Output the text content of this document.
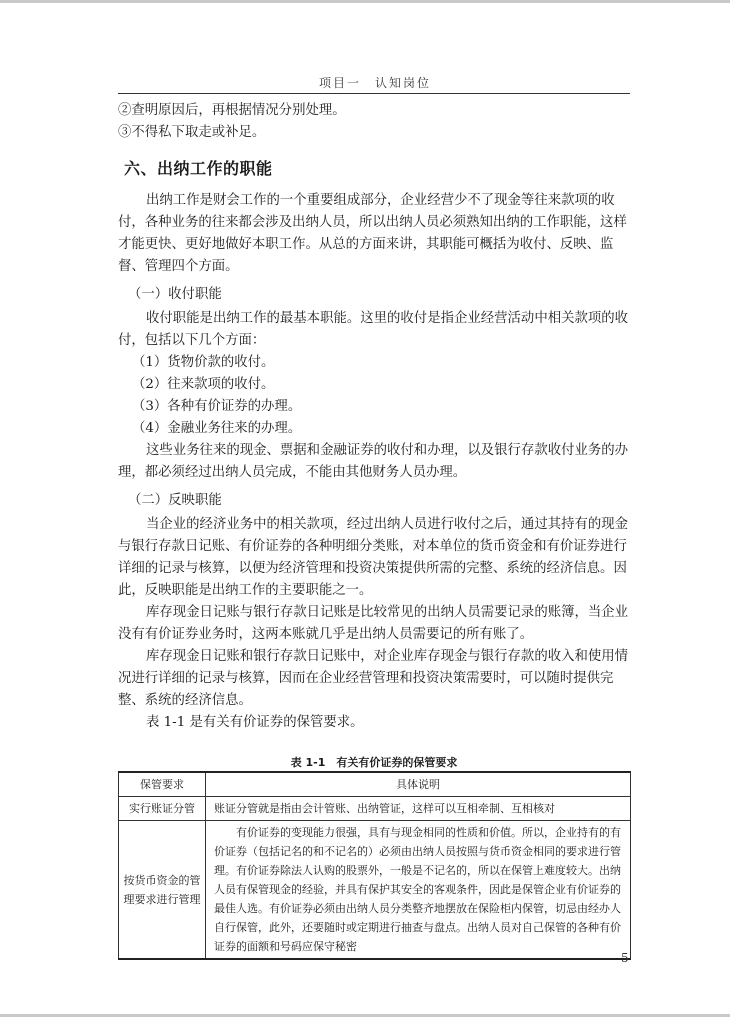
项目一　认知岗位

②查明原因后，再根据情况分别处理。

③不得私下取走或补足。

六、出纳工作的职能

出纳工作是财会工作的一个重要组成部分，企业经营少不了现金等往来款项的收付，各种业务的往来都会涉及出纳人员，所以出纳人员必须熟知出纳的工作职能，这样才能更快、更好地做好本职工作。从总的方面来讲，其职能可概括为收付、反映、监督、管理四个方面。

（一）收付职能

收付职能是出纳工作的最基本职能。这里的收付是指企业经营活动中相关款项的收付，包括以下几个方面：

（1）货物价款的收付。

（2）往来款项的收付。

（3）各种有价证券的办理。

（4）金融业务往来的办理。

这些业务往来的现金、票据和金融证券的收付和办理，以及银行存款收付业务的办理，都必须经过出纳人员完成，不能由其他财务人员办理。

（二）反映职能

当企业的经济业务中的相关款项，经过出纳人员进行收付之后，通过其持有的现金与银行存款日记账、有价证券的各种明细分类账，对本单位的货币资金和有价证券进行详细的记录与核算，以便为经济管理和投资决策提供所需的完整、系统的经济信息。因此，反映职能是出纳工作的主要职能之一。

库存现金日记账与银行存款日记账是比较常见的出纳人员需要记录的账簿，当企业没有有价证券业务时，这两本账就几乎是出纳人员需要记的所有账了。

库存现金日记账和银行存款日记账中，对企业库存现金与银行存款的收入和使用情况进行详细的记录与核算，因而在企业经营管理和投资决策需要时，可以随时提供完整、系统的经济信息。

表 1-1 是有关有价证券的保管要求。

表 1-1　有关有价证券的保管要求
保管要求	具体说明
实行账证分管	账证分管就是指由会计管账、出纳管证，这样可以互相牵制、互相核对
按货币资金的管理要求进行管理	有价证券的变现能力很强，具有与现金相同的性质和价值。所以，企业持有的有价证券（包括记名的和不记名的）必须由出纳人员按照与货币资金相同的要求进行管理。有价证券除法人认购的股票外，一般是不记名的，所以在保管上难度较大。出纳人员有保管现金的经验，并具有保护其安全的客观条件，因此是保管企业有价证券的最佳人选。有价证券必须由出纳人员分类整齐地摆放在保险柜内保管，切忌由经办人自行保管，此外，还要随时或定期进行抽查与盘点。出纳人员对自己保管的各种有价证券的面额和号码应保守秘密
5
